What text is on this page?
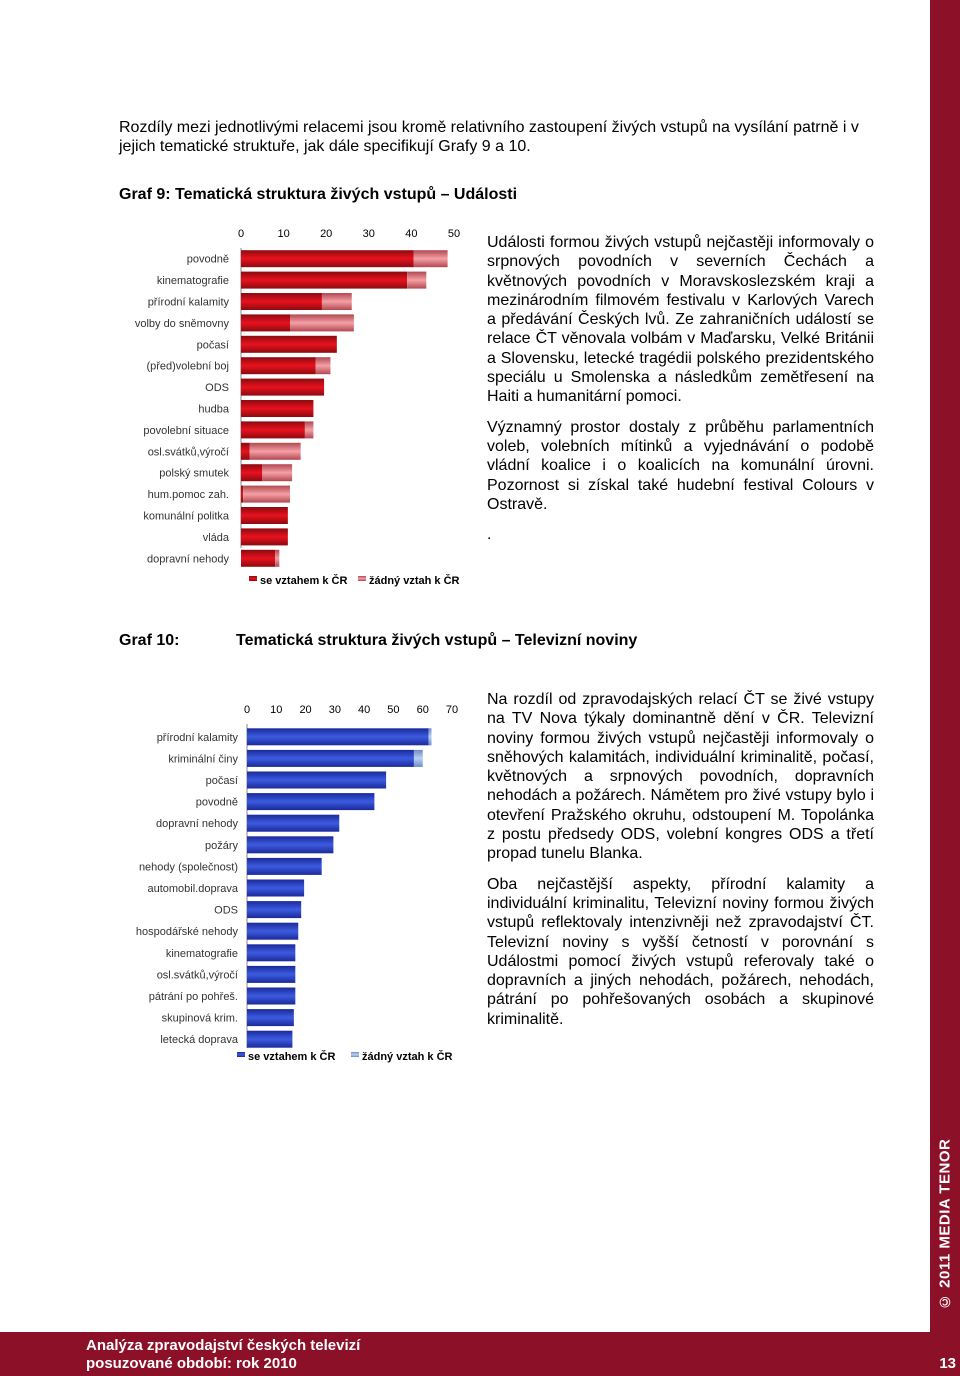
Rozdíly mezi jednotlivými relacemi jsou kromě relativního zastoupení živých vstupů na vysílání patrně i v jejich tematické struktuře, jak dále specifikují Grafy 9 a 10.
Graf 9: Tematická struktura živých vstupů – Události
0	10	20	30	40	50
povodně
kinematografie
přírodní kalamity
volby do sněmovny
počasí
(před)volební boj
ODS
hudba
povolební situace
osl.svátků,výročí
polský smutek
hum.pomoc zah.
komunální politka
vláda
dopravní nehody
se vztahem k ČR žádný vztah k ČR

Události formou živých vstupů nejčastěji informovaly o srpnových povodních v severních Čechách a květnových povodních v Moravskoslezském kraji a mezinárodním filmovém festivalu v Karlových Varech a předávání Českých lvů. Ze zahraničních událostí se relace ČT věnovala volbám v Maďarsku, Velké Británii a Slovensku, letecké tragédii polského prezidentského speciálu u Smolenska a následkům zemětřesení na Haiti a humanitární pomoci.

Významný prostor dostaly z průběhu parlamentních voleb, volebních mítinků a vyjednávání o podobě vládní koalice i o koalicích na komunální úrovni. Pozornost si získal také hudební festival Colours v Ostravě.

.

Graf 10:	Tematická struktura živých vstupů – Televizní noviny
0 10 20 30 40 50 60 70
přírodní kalamity
kriminální činy
počasí
povodně
dopravní nehody
požáry
nehody (společnost)
automobil.doprava
ODS
hospodářské nehody
kinematografie
osl.svátků,výročí
pátrání po pohřeš.
skupinová krim.
letecká doprava
se vztahem k ČR žádný vztah k ČR

Na rozdíl od zpravodajských relací ČT se živé vstupy na TV Nova týkaly dominantně dění v ČR. Televizní noviny formou živých vstupů nejčastěji informovaly o sněhových kalamitách, individuální kriminalitě, počasí, květnových a srpnových povodních, dopravních nehodách a požárech. Námětem pro živé vstupy bylo i otevření Pražského okruhu, odstoupení M. Topolánka z postu předsedy ODS, volební kongres ODS a třetí propad tunelu Blanka.

Oba nejčastější aspekty, přírodní kalamity a individuální kriminalitu, Televizní noviny formou živých vstupů reflektovaly intenzivněji než zpravodajství ČT. Televizní noviny s vyšší četností v porovnání s Událostmi pomocí živých vstupů referovaly také o dopravních a jiných nehodách, požárech, nehodách, pátrání po pohřešovaných osobách a skupinové kriminalitě.

© 2011 MEDIA TENOR
Analýza zpravodajství českých televizí
posuzované období: rok 2010	13
